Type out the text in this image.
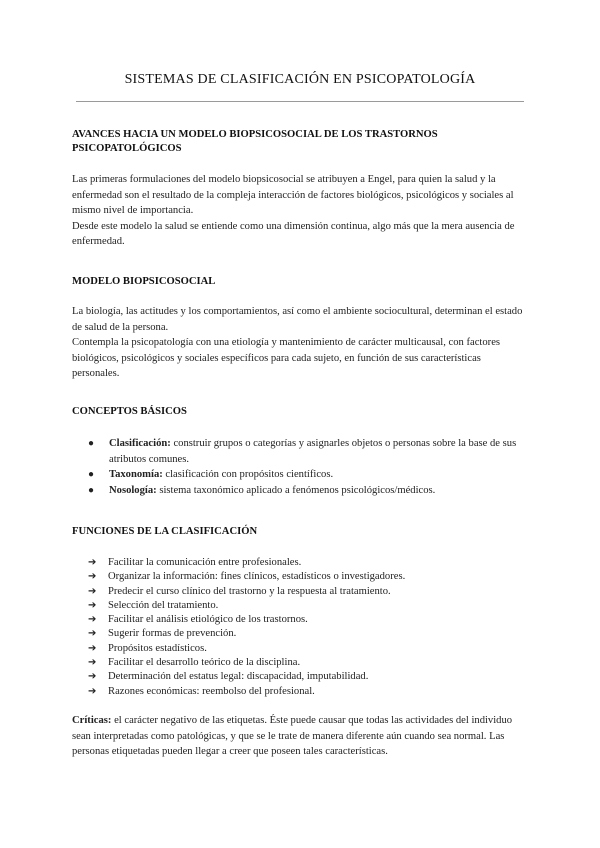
SISTEMAS DE CLASIFICACIÓN EN PSICOPATOLOGÍA
AVANCES HACIA UN MODELO BIOPSICOSOCIAL DE LOS TRASTORNOS PSICOPATOLÓGICOS

Las primeras formulaciones del modelo biopsicosocial se atribuyen a Engel, para quien la salud y la enfermedad son el resultado de la compleja interacción de factores biológicos, psicológicos y sociales al mismo nivel de importancia.

Desde este modelo la salud se entiende como una dimensión continua, algo más que la mera ausencia de enfermedad.

MODELO BIOPSICOSOCIAL

La biología, las actitudes y los comportamientos, así como el ambiente sociocultural, determinan el estado de salud de la persona.

Contempla la psicopatología con una etiología y mantenimiento de carácter multicausal, con factores biológicos, psicológicos y sociales específicos para cada sujeto, en función de sus características personales.

CONCEPTOS BÁSICOS
● Clasificación: construir grupos o categorías y asignarles objetos o personas sobre la base de sus atributos comunes.
● Taxonomía: clasificación con propósitos científicos.
● Nosología: sistema taxonómico aplicado a fenómenos psicológicos/médicos.
FUNCIONES DE LA CLASIFICACIÓN
➔ Facilitar la comunicación entre profesionales.
➔ Organizar la información: fines clínicos, estadísticos o investigadores.
➔ Predecir el curso clínico del trastorno y la respuesta al tratamiento.
➔ Selección del tratamiento.
➔ Facilitar el análisis etiológico de los trastornos.
➔ Sugerir formas de prevención.
➔ Propósitos estadísticos.
➔ Facilitar el desarrollo teórico de la disciplina.
➔ Determinación del estatus legal: discapacidad, imputabilidad.
➔ Razones económicas: reembolso del profesional.

Críticas: el carácter negativo de las etiquetas. Éste puede causar que todas las actividades del individuo sean interpretadas como patológicas, y que se le trate de manera diferente aún cuando sea normal. Las personas etiquetadas pueden llegar a creer que poseen tales características.
